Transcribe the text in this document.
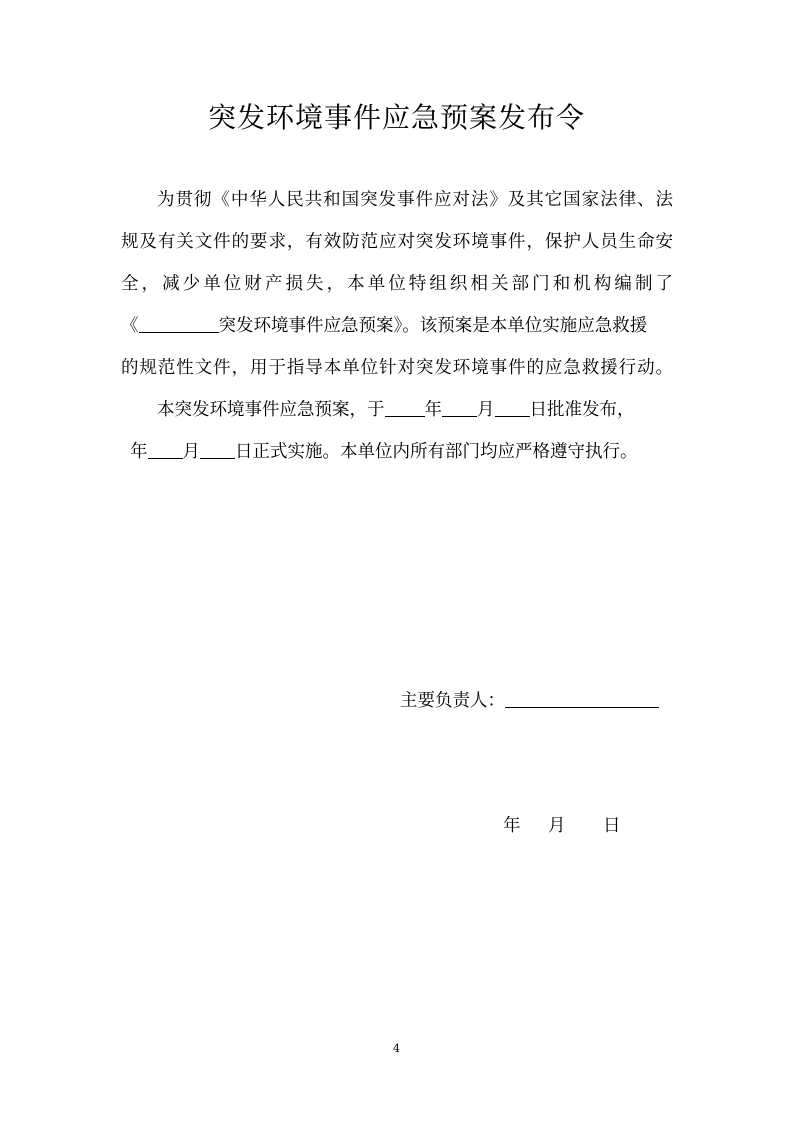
突发环境事件应急预案发布令
为贯彻《中华人民共和国突发事件应对法》及其它国家法律、法
规及有关文件的要求，有效防范应对突发环境事件，保护人员生命安
全，减少单位财产损失，本单位特组织相关部门和机构编制了
《	突发环境事件应急预案》。该预案是本单位实施应急救援
的规范性文件，用于指导本单位针对突发环境事件的应急救援行动。
本突发环境事件应急预案，于 年 月 日批准发布，
年 月 日正式实施。本单位内所有部门均应严格遵守执行。
主要负责人：
年 月 日
4
